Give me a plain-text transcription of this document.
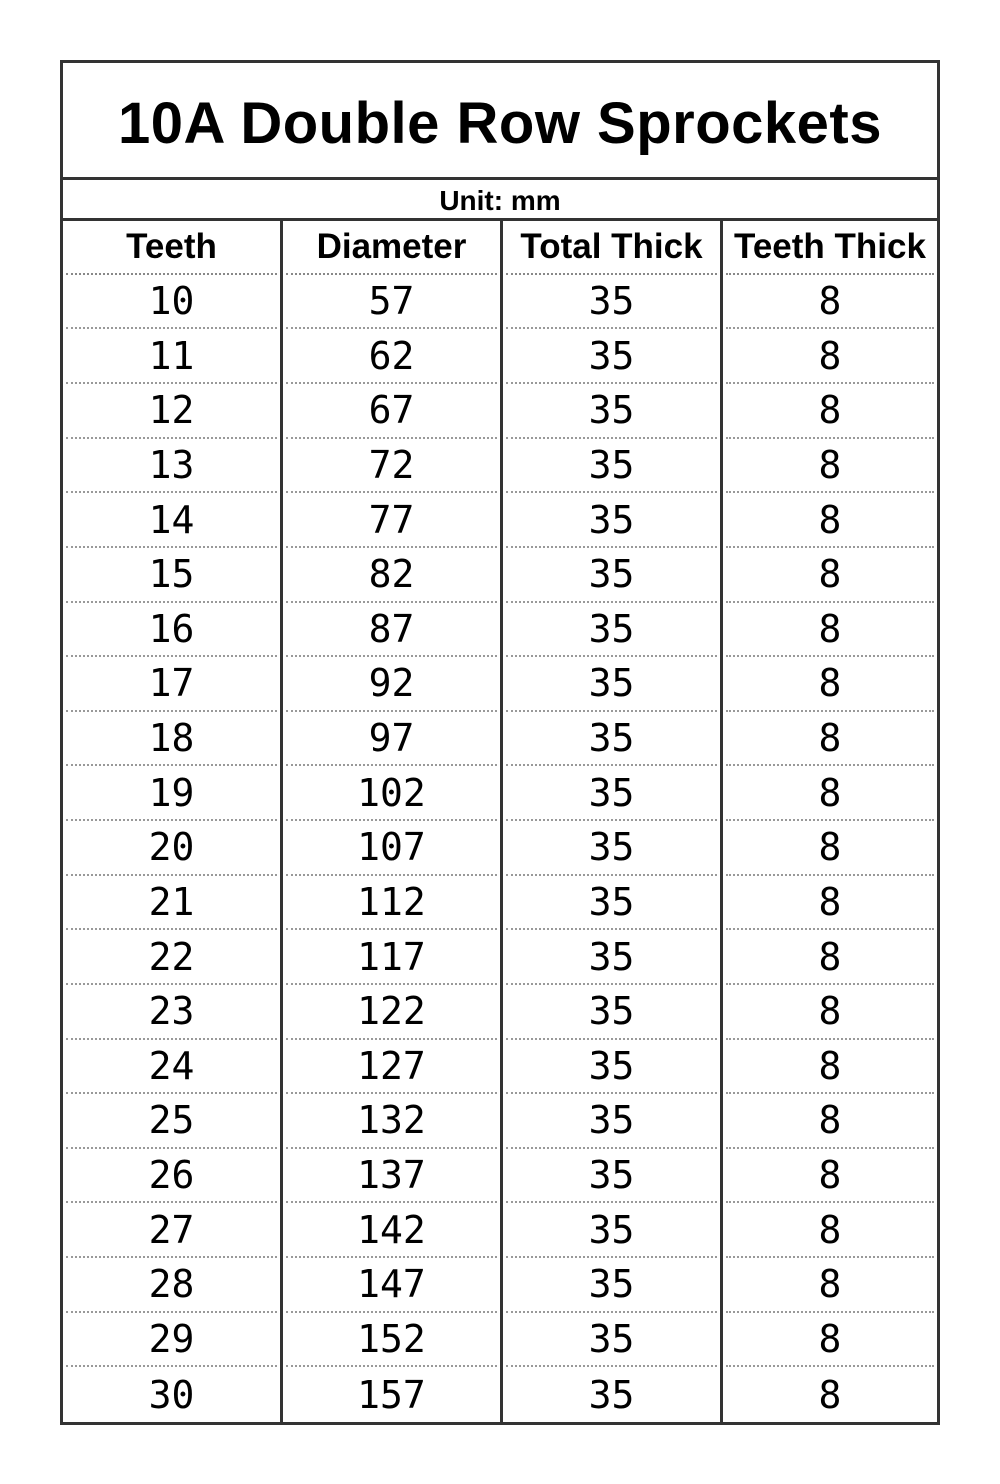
10A Double Row Sprockets
Unit: mm
Teeth
10
11
12
13
14
15
16
17
18
19
20
21
22
23
24
25
26
27
28
29
30
Diameter
57
62
67
72
77
82
87
92
97
102
107
112
117
122
127
132
137
142
147
152
157
Total Thick
35
35
35
35
35
35
35
35
35
35
35
35
35
35
35
35
35
35
35
35
35
Teeth Thick
8
8
8
8
8
8
8
8
8
8
8
8
8
8
8
8
8
8
8
8
8
